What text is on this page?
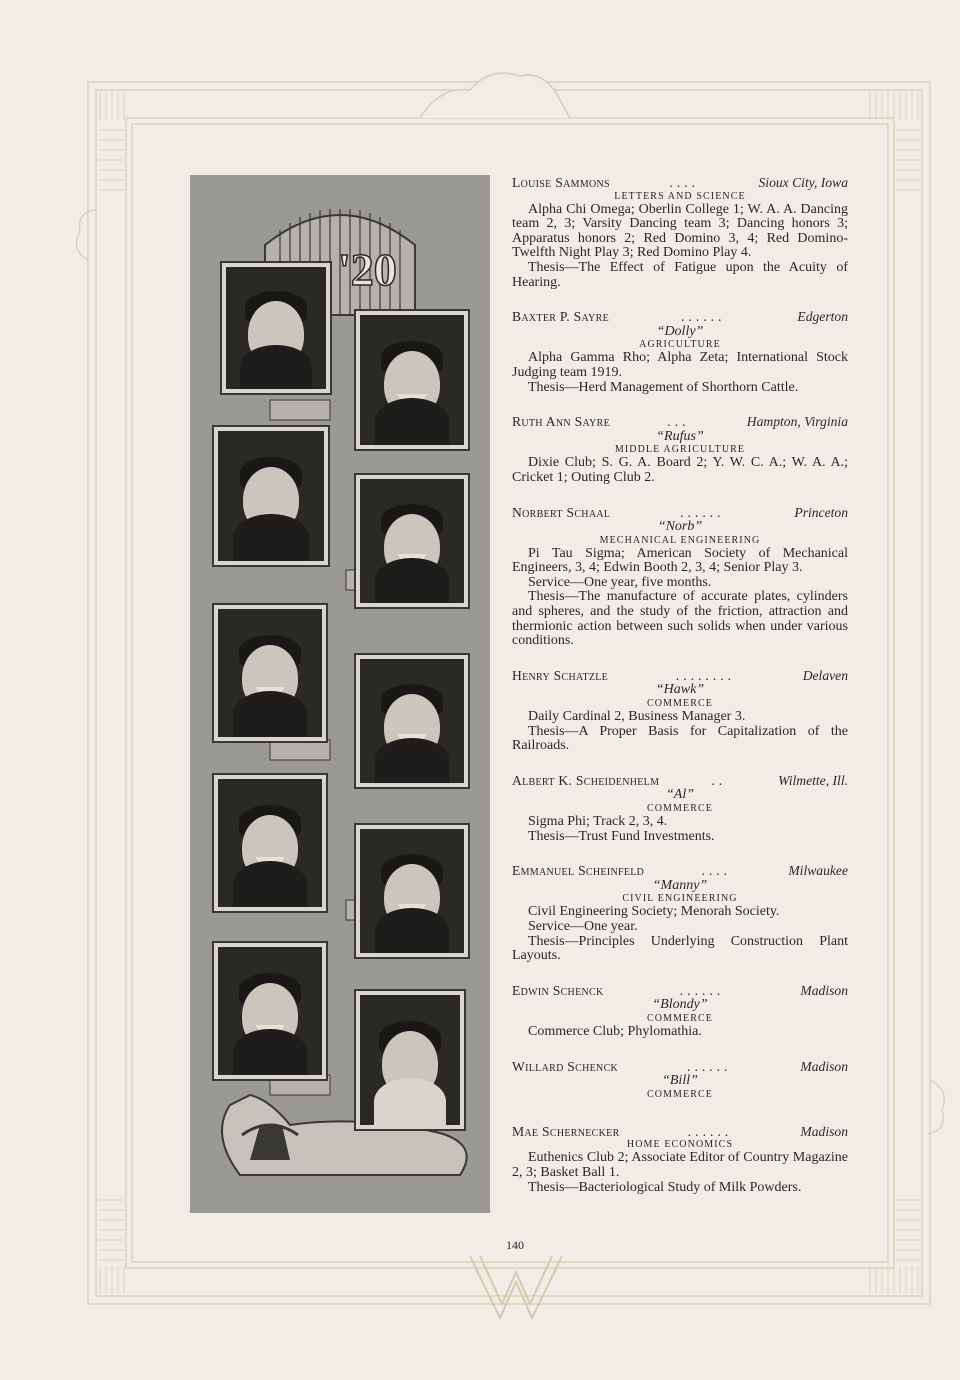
'20
Louise Sammons	....	Sioux City, Iowa
LETTERS AND SCIENCE

Alpha Chi Omega; Oberlin College 1; W. A. A. Dancing team 2, 3; Varsity Dancing team 3; Dancing honors 3; Apparatus honors 2; Red Domino 3, 4; Red Domino-Twelfth Night Play 3; Red Domino Play 4.

Thesis—The Effect of Fatigue upon the Acuity of Hearing.

Baxter P. Sayre	......	Edgerton
“Dolly”
AGRICULTURE

Alpha Gamma Rho; Alpha Zeta; International Stock Judging team 1919.

Thesis—Herd Management of Shorthorn Cattle.

Ruth Ann Sayre	...	Hampton, Virginia
“Rufus”
MIDDLE AGRICULTURE

Dixie Club; S. G. A. Board 2; Y. W. C. A.; W. A. A.; Cricket 1; Outing Club 2.

Norbert Schaal	......	Princeton
“Norb”
MECHANICAL ENGINEERING

Pi Tau Sigma; American Society of Mechanical Engineers, 3, 4; Edwin Booth 2, 3, 4; Senior Play 3.

Service—One year, five months.

Thesis—The manufacture of accurate plates, cylinders and spheres, and the study of the friction, attraction and thermionic action between such solids when under various conditions.

Henry Schatzle	........	Delaven
“Hawk”
COMMERCE

Daily Cardinal 2, Business Manager 3.

Thesis—A Proper Basis for Capitalization of the Railroads.

Albert K. Scheidenhelm	..	Wilmette, Ill.
“Al”
COMMERCE

Sigma Phi; Track 2, 3, 4.

Thesis—Trust Fund Investments.

Emmanuel Scheinfeld	....	Milwaukee
“Manny”
CIVIL ENGINEERING

Civil Engineering Society; Menorah Society.

Service—One year.

Thesis—Principles Underlying Construction Plant Layouts.

Edwin Schenck	......	Madison
“Blondy”
COMMERCE

Commerce Club; Phylomathia.

Willard Schenck	......	Madison
“Bill”
COMMERCE
Mae Schernecker	......	Madison
HOME ECONOMICS

Euthenics Club 2; Associate Editor of Country Magazine 2, 3; Basket Ball 1.

Thesis—Bacteriological Study of Milk Powders.

140
